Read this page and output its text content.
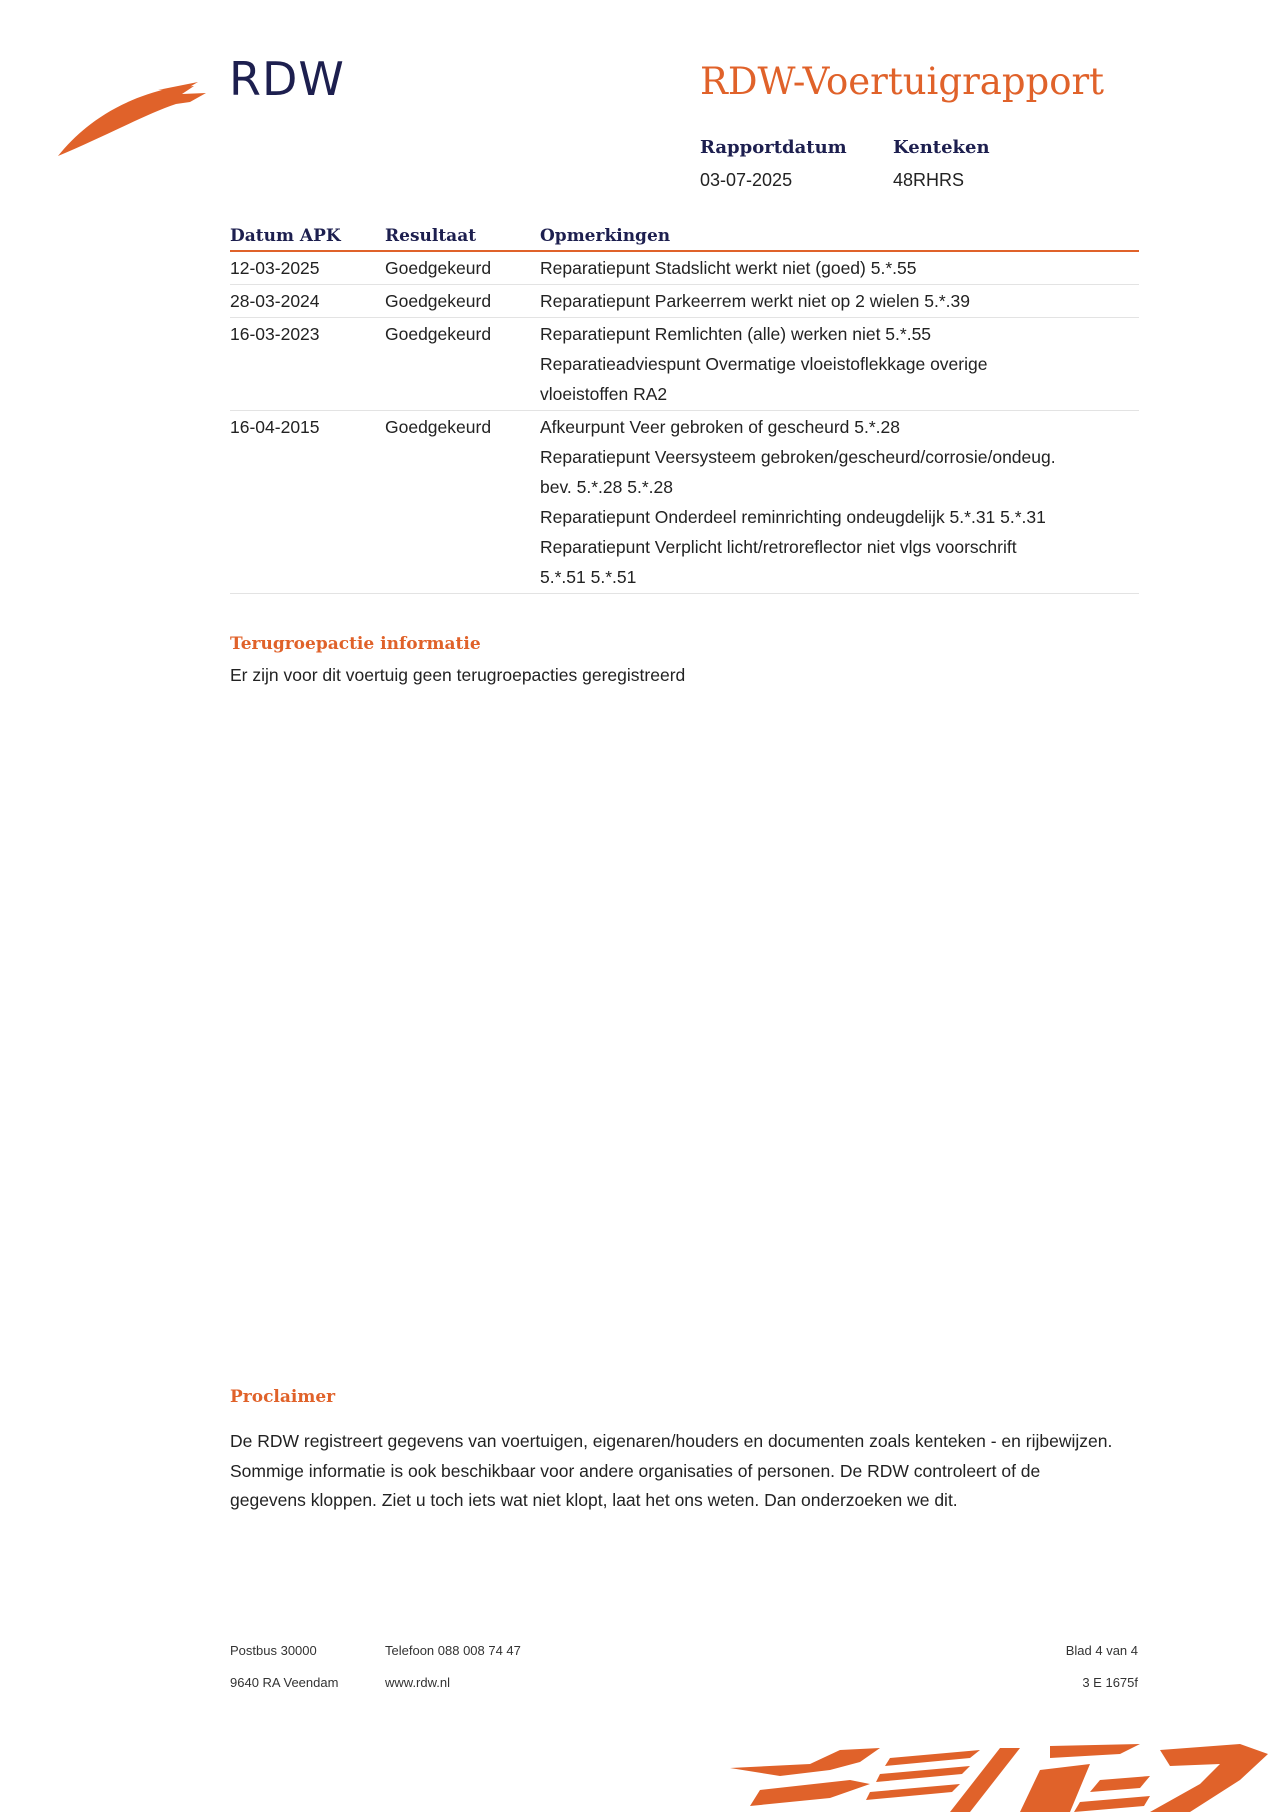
RDW	RDW-Voertuigrapport
Rapportdatum
03-07-2025
Kenteken
48RHRS
Datum APK	Resultaat	Opmerkingen
12-03-2025	Goedgekeurd	Reparatiepunt Stadslicht werkt niet (goed) 5.*.55
28-03-2024	Goedgekeurd	Reparatiepunt Parkeerrem werkt niet op 2 wielen 5.*.39
16-03-2023	Goedgekeurd	Reparatiepunt Remlichten (alle) werken niet 5.*.55
Reparatieadviespunt Overmatige vloeistoflekkage overige
vloeistoffen RA2
16-04-2015	Goedgekeurd	Afkeurpunt Veer gebroken of gescheurd 5.*.28
Reparatiepunt Veersysteem gebroken/gescheurd/corrosie/ondeug.
bev. 5.*.28 5.*.28
Reparatiepunt Onderdeel reminrichting ondeugdelijk 5.*.31 5.*.31
Reparatiepunt Verplicht licht/retroreflector niet vlgs voorschrift
5.*.51 5.*.51
Terugroepactie informatie
Er zijn voor dit voertuig geen terugroepacties geregistreerd
Proclaimer
De RDW registreert gegevens van voertuigen, eigenaren/houders en documenten zoals kenteken - en rijbewijzen. Sommige informatie is ook beschikbaar voor andere organisaties of personen. De RDW controleert of de gegevens kloppen. Ziet u toch iets wat niet klopt, laat het ons weten. Dan onderzoeken we dit.
Postbus 30000	Telefoon 088 008 74 47
9640 RA Veendam	www.rdw.nl
Blad 4 van 4
3 E 1675f
